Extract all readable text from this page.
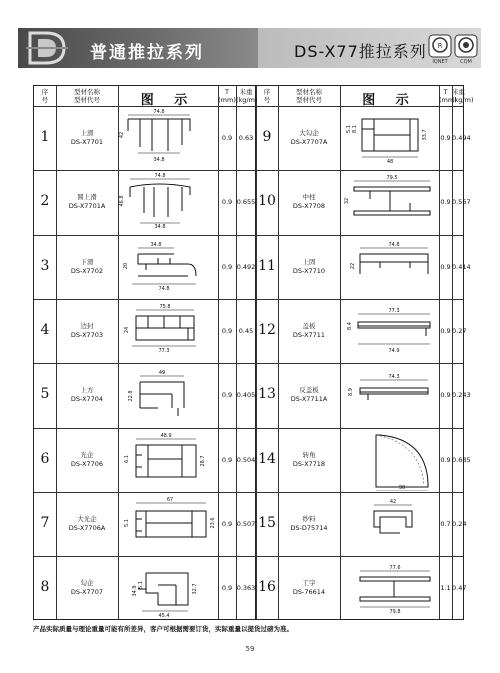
普通推拉系列	DS-X77推拉系列 R
IQNET	CQM
序
号
型材名称
型材代号	图 示
T
(mm)
米重
(kg/m)
序
号
型材名称
型材代号	图 示
T
(mm)
米重
(kg/m)
1	上滑
DS-X7701
74.8
42
34.8
0.9	0.63
2	圆上滑
DS-X7701A
74.8
46.8
34.8
0.9 0.655
3	下滑
DS-X7702
34.8
20
74.8
0.9 0.492
4	边封
DS-X7703
75.8
24
77.3
0.9	0.45
5	上方
DS-X7704
49
22.8	0.9 0.405
6	光企
DS-X7706
48.9
6.1	28.7	0.9 0.504
7	大光企
DS-X7706A
67
5.1	23.6 0.9 0.507
8	勾企
DS-X7707	34.9
5.1	32.7
45.4
0.9 0.363
9	大勾企
DS-X7707A
5.1 8.1
33.7
48
0.9 0.494
10	中柱
DS-X7708
79.5
32	0.9 0.567
11	上固
DS-X7710
74.8
22	0.9 0.414
12	盖板
DS-X7711
77.3
8.4
74.9
0.9 0.27
13	反盖板
DS-X7711A
74.3
8.9	0.9 0.243
14	转角
DS-X7718
90
0.9 0.685
15	纱料
DS-D75714
42
0.7 0.24
16	工字
DS-76614
77.6
79.8
1.1 0.47
产品实际质量与理论重量可能有所差异，客户可根据需要订货，实际重量以提货过磅为准。
59
